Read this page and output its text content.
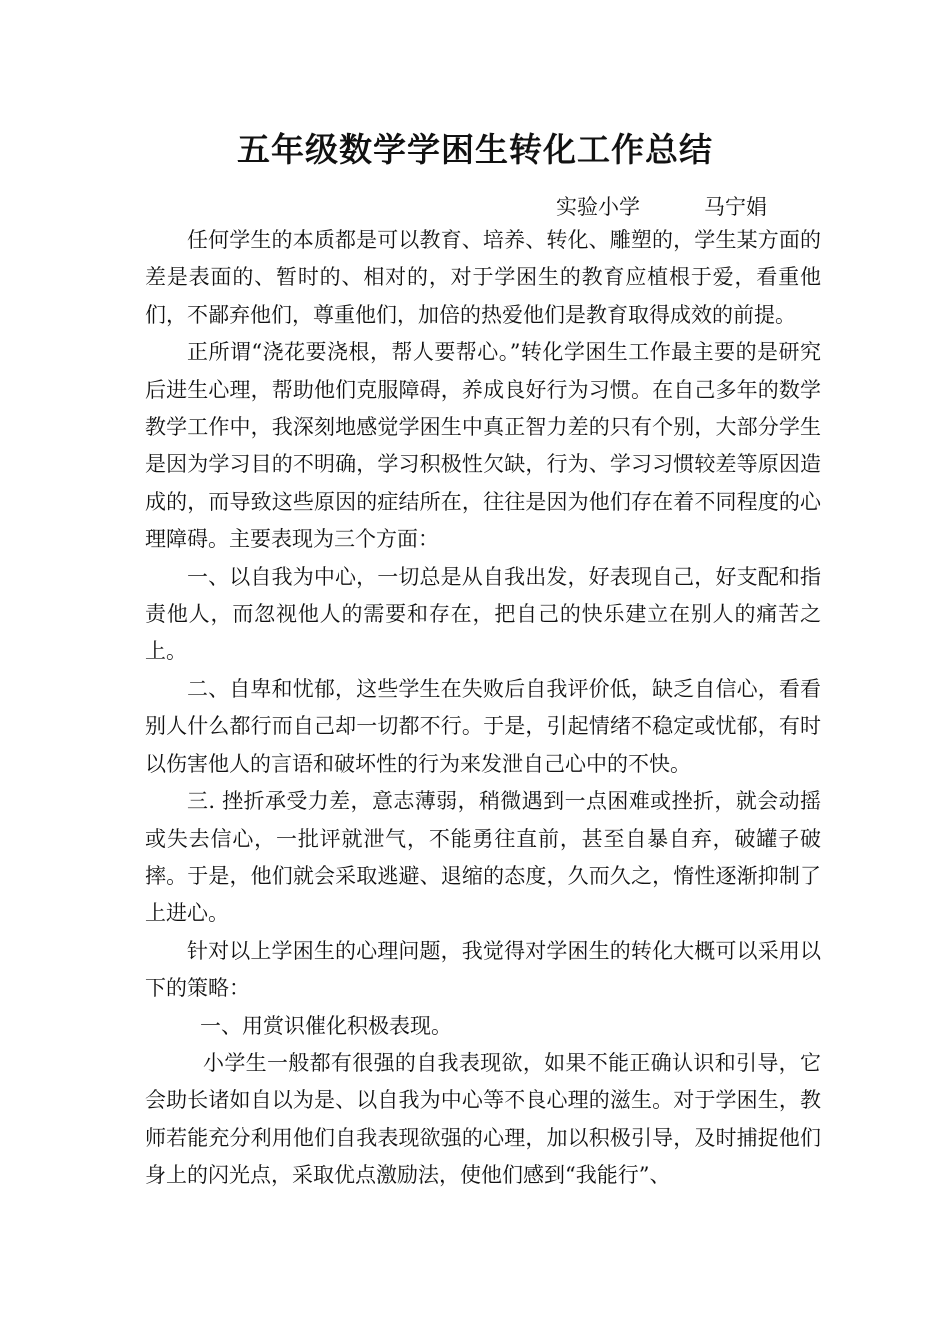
五年级数学学困生转化工作总结
实验小学	马宁娟

任何学生的本质都是可以教育、培养、转化、雕塑的，学生某方面的差是表面的、暂时的、相对的，对于学困生的教育应植根于爱，看重他们，不鄙弃他们，尊重他们，加倍的热爱他们是教育取得成效的前提。

正所谓“浇花要浇根，帮人要帮心。”转化学困生工作最主要的是研究后进生心理，帮助他们克服障碍，养成良好行为习惯。在自己多年的数学教学工作中，我深刻地感觉学困生中真正智力差的只有个别，大部分学生是因为学习目的不明确，学习积极性欠缺，行为、学习习惯较差等原因造成的，而导致这些原因的症结所在，往往是因为他们存在着不同程度的心理障碍。主要表现为三个方面：

一、以自我为中心，一切总是从自我出发，好表现自己，好支配和指责他人，而忽视他人的需要和存在，把自己的快乐建立在别人的痛苦之上。

二、自卑和忧郁，这些学生在失败后自我评价低，缺乏自信心，看看别人什么都行而自己却一切都不行。于是，引起情绪不稳定或忧郁，有时以伤害他人的言语和破坏性的行为来发泄自己心中的不快。

三. 挫折承受力差，意志薄弱，稍微遇到一点困难或挫折，就会动摇或失去信心，一批评就泄气，不能勇往直前，甚至自暴自弃，破罐子破摔。于是，他们就会采取逃避、退缩的态度，久而久之，惰性逐渐抑制了上进心。

针对以上学困生的心理问题，我觉得对学困生的转化大概可以采用以下的策略：

一、用赏识催化积极表现。

小学生一般都有很强的自我表现欲，如果不能正确认识和引导，它会助长诸如自以为是、以自我为中心等不良心理的滋生。对于学困生，教师若能充分利用他们自我表现欲强的心理，加以积极引导，及时捕捉他们身上的闪光点，采取优点激励法，使他们感到“我能行”、
